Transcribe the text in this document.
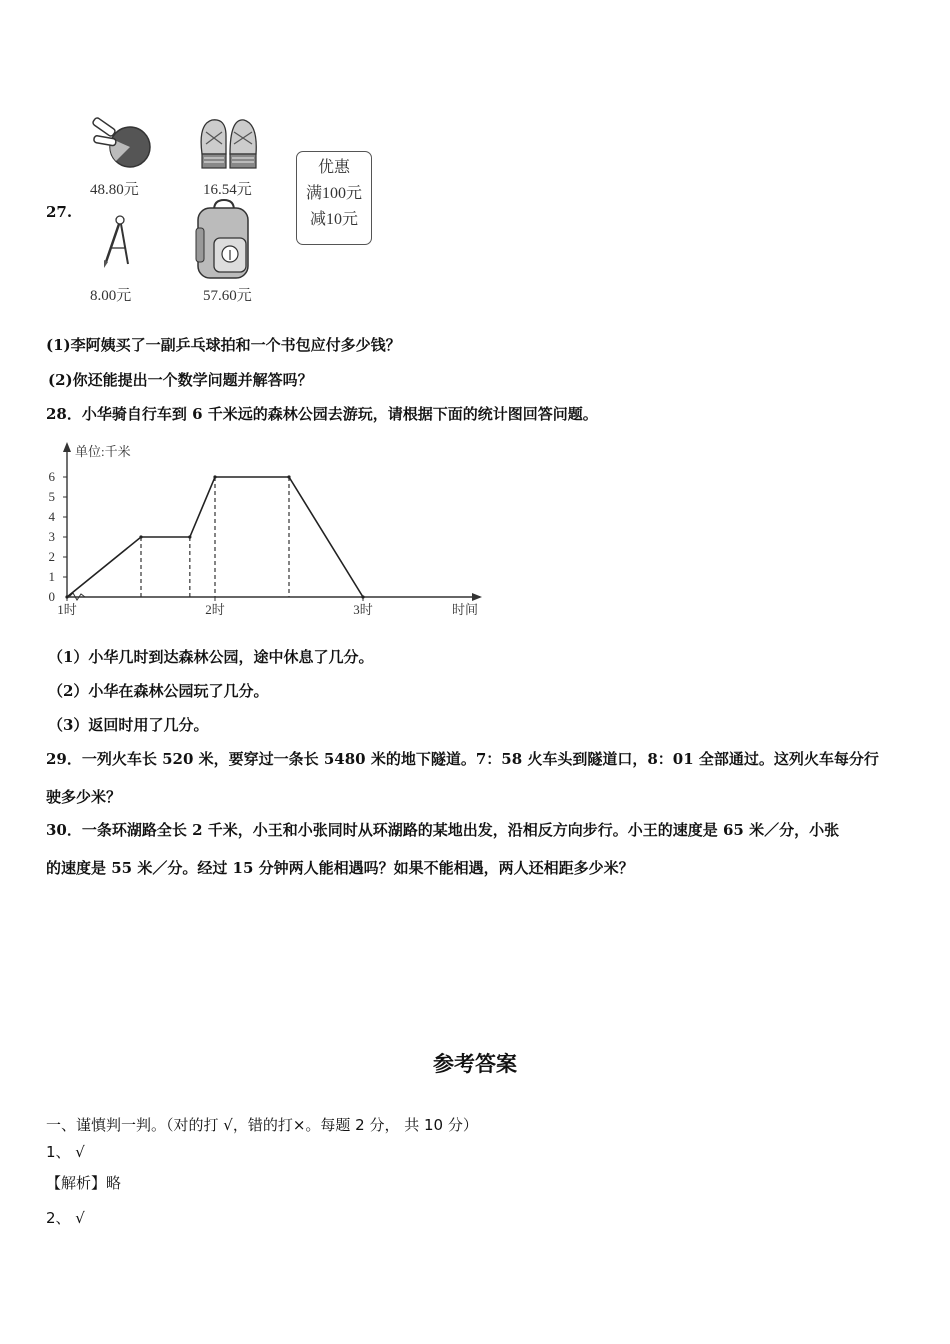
27.
48.80元	16.54元
8.00元	57.60元
优惠
满100元
减10元
(1)李阿姨买了一副乒乓球拍和一个书包应付多少钱？
(2)你还能提出一个数学问题并解答吗？
28．小华骑自行车到 6 千米远的森林公园去游玩，请根据下面的统计图回答问题。
0
1
2
3
4
5
6
单位:千米
1时	2时	3时	时间
（1）小华几时到达森林公园，途中休息了几分。
（2）小华在森林公园玩了几分。
（3）返回时用了几分。
29．一列火车长 520 米，要穿过一条长 5480 米的地下隧道。7：58 火车头到隧道口，8：01 全部通过。这列火车每分行
驶多少米？
30．一条环湖路全长 2 千米，小王和小张同时从环湖路的某地出发，沿相反方向步行。小王的速度是 65 米／分，小张
的速度是 55 米／分。经过 15 分钟两人能相遇吗？如果不能相遇，两人还相距多少米？
参考答案
一、谨慎判一判。（对的打 √，错的打×。每题 2 分， 共 10 分）
1、 √
【解析】略
2、 √
